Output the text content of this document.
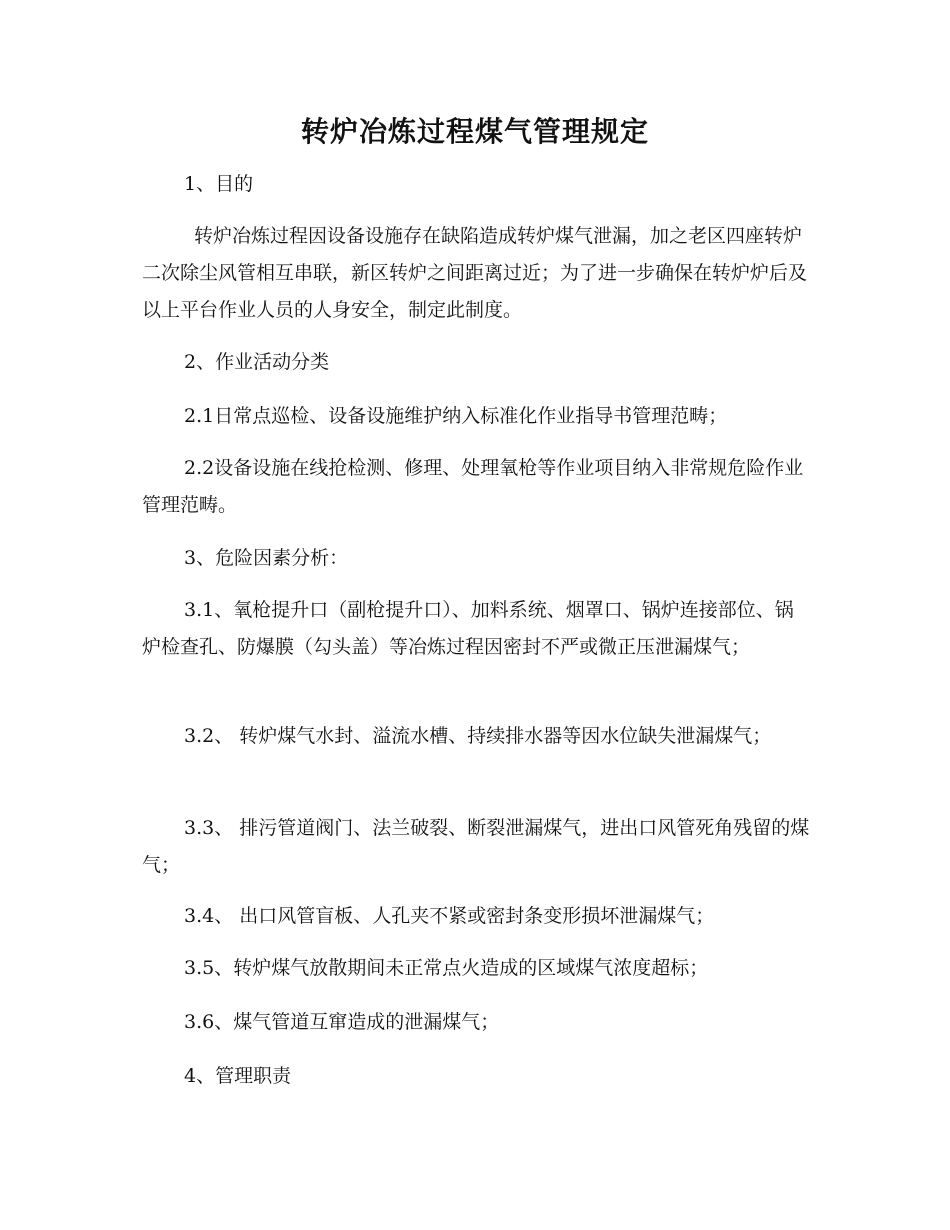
转炉冶炼过程煤气管理规定

1、目的

转炉冶炼过程因设备设施存在缺陷造成转炉煤气泄漏，加之老区四座转炉二次除尘风管相互串联，新区转炉之间距离过近；为了进一步确保在转炉炉后及以上平台作业人员的人身安全，制定此制度。

2、作业活动分类

2.1日常点巡检、设备设施维护纳入标准化作业指导书管理范畴；

2.2设备设施在线抢检测、修理、处理氧枪等作业项目纳入非常规危险作业管理范畴。

3、危险因素分析：

3.1、氧枪提升口（副枪提升口）、加料系统、烟罩口、锅炉连接部位、锅炉检查孔、防爆膜（勾头盖）等冶炼过程因密封不严或微正压泄漏煤气；

3.2、 转炉煤气水封、溢流水槽、持续排水器等因水位缺失泄漏煤气；

3.3、 排污管道阀门、法兰破裂、断裂泄漏煤气，进出口风管死角残留的煤气；

3.4、 出口风管盲板、人孔夹不紧或密封条变形损坏泄漏煤气；

3.5、转炉煤气放散期间未正常点火造成的区域煤气浓度超标；

3.6、煤气管道互窜造成的泄漏煤气；

4、管理职责
